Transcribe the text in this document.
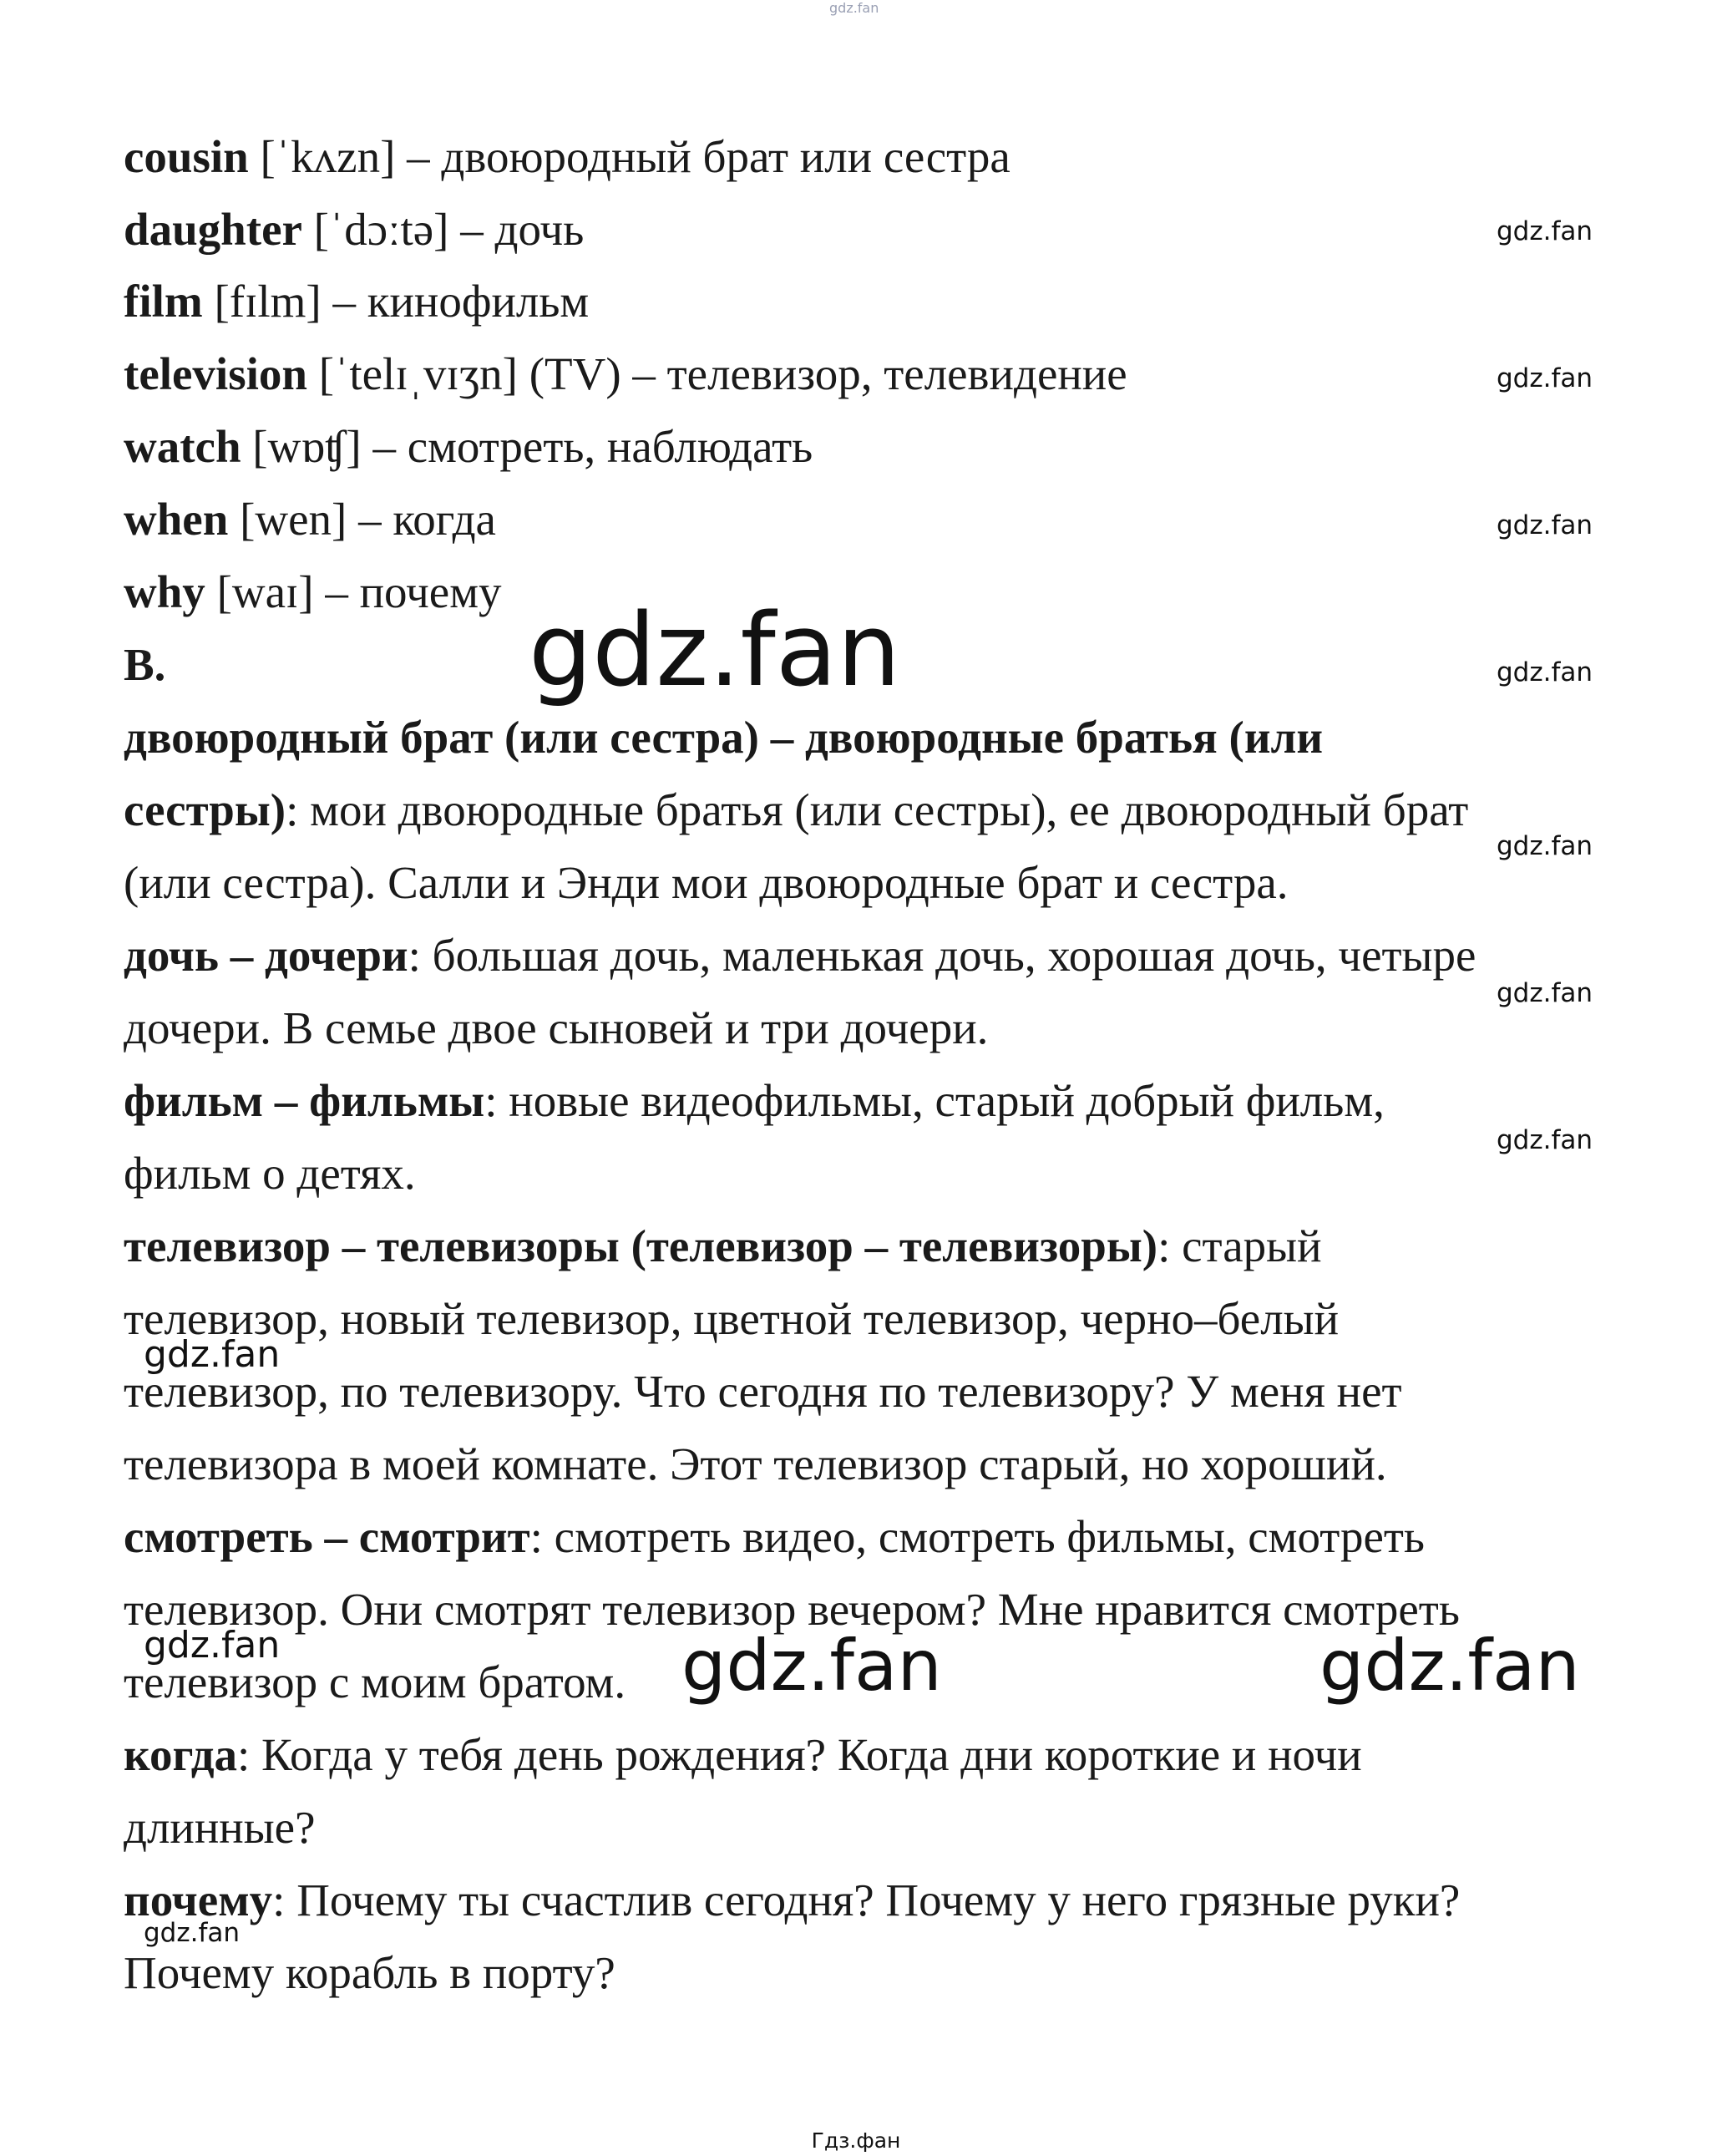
gdz.fan
cousin [ˈkʌzn] – двоюродный брат или сестра
daughter [ˈdɔːtə] – дочь
film [fɪlm] – кинофильм
television [ˈtelɪˌvɪʒn] (TV) – телевизор, телевидение
watch [wɒʧ] – смотреть, наблюдать
when [wen] – когда
why [waɪ] – почему
B.
двоюродный брат (или сестра) – двоюродные братья (или
сестры): мои двоюродные братья (или сестры), ее двоюродный брат
(или сестра). Салли и Энди мои двоюродные брат и сестра.
дочь – дочери: большая дочь, маленькая дочь, хорошая дочь, четыре
дочери. В семье двое сыновей и три дочери.
фильм – фильмы: новые видеофильмы, старый добрый фильм,
фильм о детях.
телевизор – телевизоры (телевизор – телевизоры): старый
телевизор, новый телевизор, цветной телевизор, черно–белый
телевизор, по телевизору. Что сегодня по телевизору? У меня нет
телевизора в моей комнате. Этот телевизор старый, но хороший.
смотреть – смотрит: смотреть видео, смотреть фильмы, смотреть
телевизор. Они смотрят телевизор вечером? Мне нравится смотреть
телевизор с моим братом.
когда: Когда у тебя день рождения? Когда дни короткие и ночи
длинные?
почему: Почему ты счастлив сегодня? Почему у него грязные руки?
Почему корабль в порту?
gdz.fan
gdz.fan
gdz.fan
gdz.fan
gdz.fan
gdz.fan
gdz.fan
gdz.fan
gdz.fan
gdz.fan
gdz.fan
gdz.fan	gdz.fan
Гдз.фан
